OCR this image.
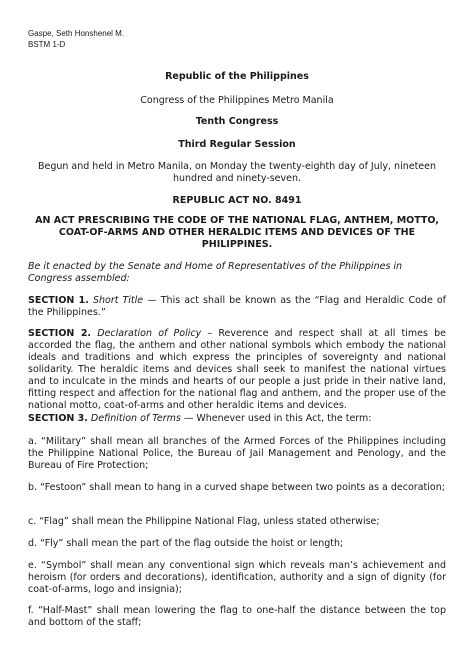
Gaspe, Seth Honshenel M.
BSTM 1-D
Republic of the Philippines
Congress of the Philippines Metro Manila
Tenth Congress
Third Regular Session
Begun and held in Metro Manila, on Monday the twenty-eighth day of July, nineteen hundred and ninety-seven.
REPUBLIC ACT NO. 8491
AN ACT PRESCRIBING THE CODE OF THE NATIONAL FLAG, ANTHEM, MOTTO, COAT-OF-ARMS AND OTHER HERALDIC ITEMS AND DEVICES OF THE PHILIPPINES.
Be it enacted by the Senate and Home of Representatives of the Philippines in Congress assembled:
SECTION 1. Short Title — This act shall be known as the “Flag and Heraldic Code of the Philippines.”
SECTION 2. Declaration of Policy – Reverence and respect shall at all times be accorded the flag, the anthem and other national symbols which embody the national ideals and traditions and which express the principles of sovereignty and national solidarity. The heraldic items and devices shall seek to manifest the national virtues and to inculcate in the minds and hearts of our people a just pride in their native land, fitting respect and affection for the national flag and anthem, and the proper use of the national motto, coat-of-arms and other heraldic items and devices.
SECTION 3. Definition of Terms — Whenever used in this Act, the term:
a. “Military” shall mean all branches of the Armed Forces of the Philippines including the Philippine National Police, the Bureau of Jail Management and Penology, and the Bureau of Fire Protection;
b. “Festoon” shall mean to hang in a curved shape between two points as a decoration;
c. “Flag” shall mean the Philippine National Flag, unless stated otherwise;
d. “Fly” shall mean the part of the flag outside the hoist or length;
e. “Symbol” shall mean any conventional sign which reveals man’s achievement and heroism (for orders and decorations), identification, authority and a sign of dignity (for coat-of-arms, logo and insignia);
f. “Half-Mast” shall mean lowering the flag to one-half the distance between the top and bottom of the staff;
